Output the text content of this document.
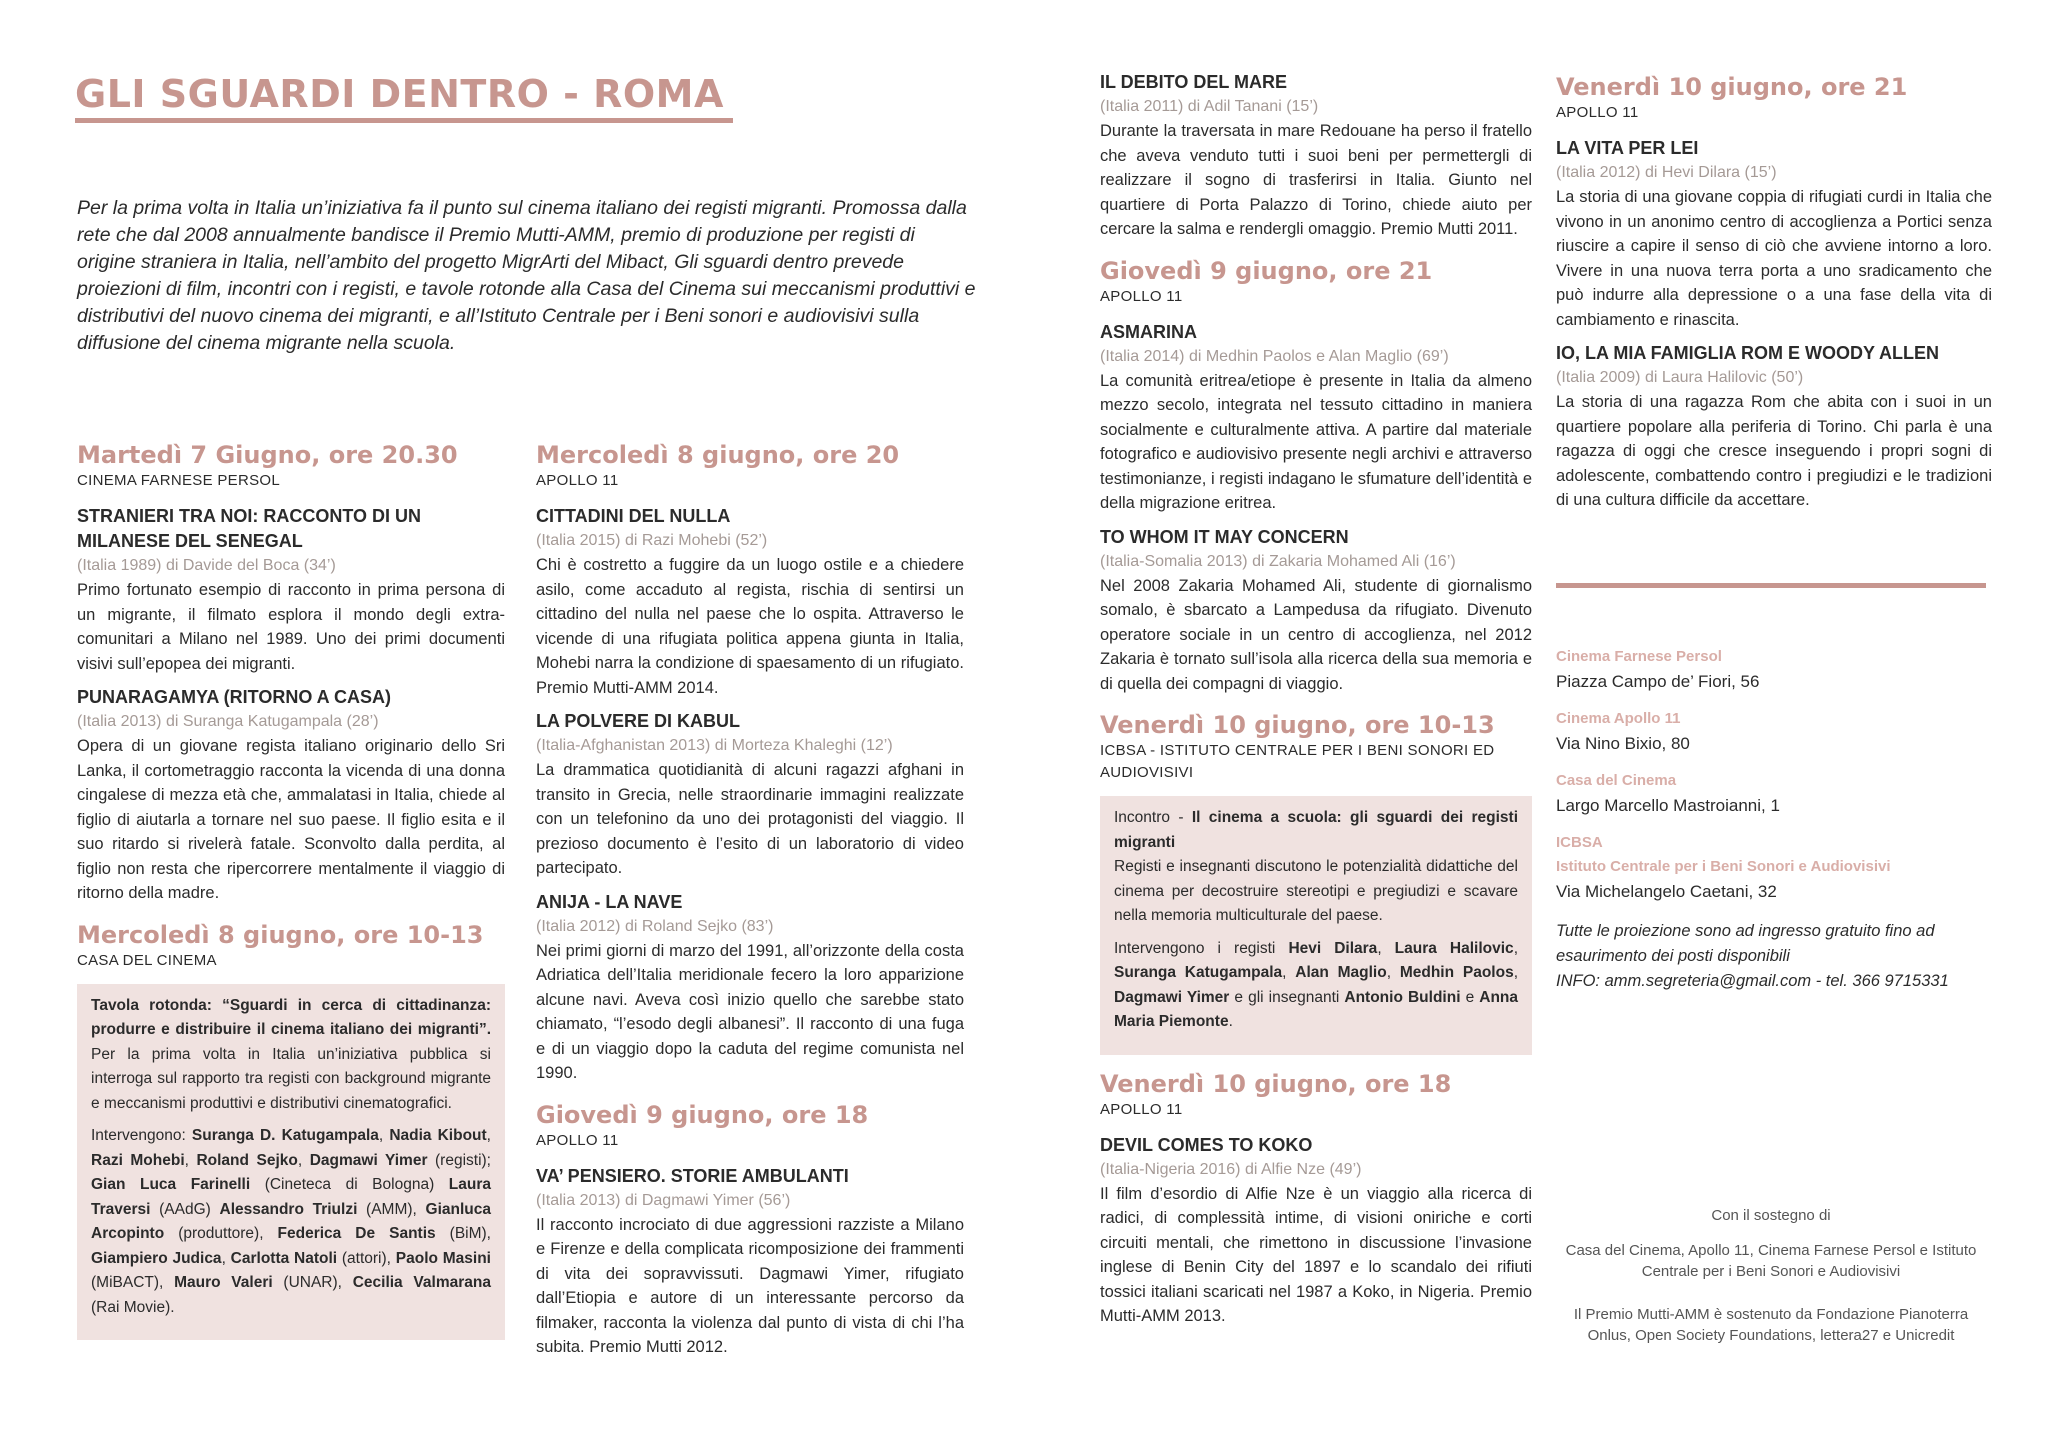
GLI SGUARDI DENTRO - ROMA
Per la prima volta in Italia un’iniziativa fa il punto sul cinema italiano dei registi migranti. Promossa dalla rete che dal 2008 annualmente bandisce il Premio Mutti-AMM, premio di produzione per registi di origine straniera in Italia, nell’ambito del progetto MigrArti del Mibact, Gli sguardi dentro prevede proiezioni di film, incontri con i registi, e tavole rotonde alla Casa del Cinema sui meccanismi produttivi e distributivi del nuovo cinema dei migranti, e all’Istituto Centrale per i Beni sonori e audiovisivi sulla diffusione del cinema migrante nella scuola.
Martedì 7 Giugno, ore 20.30
CINEMA FARNESE PERSOL
STRANIERI TRA NOI: RACCONTO DI UN MILANESE DEL SENEGAL
(Italia 1989) di Davide del Boca (34’)
Primo fortunato esempio di racconto in prima persona di un migrante, il filmato esplora il mondo degli extra-comunitari a Milano nel 1989. Uno dei primi documenti visivi sull’epopea dei migranti.
PUNARAGAMYA (RITORNO A CASA)
(Italia 2013) di Suranga Katugampala (28’)
Opera di un giovane regista italiano originario dello Sri Lanka, il cortometraggio racconta la vicenda di una donna cingalese di mezza età che, ammalatasi in Italia, chiede al figlio di aiutarla a tornare nel suo paese. Il figlio esita e il suo ritardo si rivelerà fatale. Sconvolto dalla perdita, al figlio non resta che ripercorrere mentalmente il viaggio di ritorno della madre.
Mercoledì 8 giugno, ore 10-13
CASA DEL CINEMA

Tavola rotonda: “Sguardi in cerca di cittadinanza: produrre e distribuire il cinema italiano dei migranti”. Per la prima volta in Italia un’iniziativa pubblica si interroga sul rapporto tra registi con background migrante e meccanismi produttivi e distributivi cinematografici.

Intervengono: Suranga D. Katugampala, Nadia Kibout, Razi Mohebi, Roland Sejko, Dagmawi Yimer (registi); Gian Luca Farinelli (Cineteca di Bologna) Laura Traversi (AAdG) Alessandro Triulzi (AMM), Gianluca Arcopinto (produttore), Federica De Santis (BiM), Giampiero Judica, Carlotta Natoli (attori), Paolo Masini (MiBACT), Mauro Valeri (UNAR), Cecilia Valmarana (Rai Movie).

Mercoledì 8 giugno, ore 20
APOLLO 11
CITTADINI DEL NULLA
(Italia 2015) di Razi Mohebi (52’)
Chi è costretto a fuggire da un luogo ostile e a chiedere asilo, come accaduto al regista, rischia di sentirsi un cittadino del nulla nel paese che lo ospita. Attraverso le vicende di una rifugiata politica appena giunta in Italia, Mohebi narra la condizione di spaesamento di un rifugiato. Premio Mutti-AMM 2014.
LA POLVERE DI KABUL
(Italia-Afghanistan 2013) di Morteza Khaleghi (12’)
La drammatica quotidianità di alcuni ragazzi afghani in transito in Grecia, nelle straordinarie immagini realizzate con un telefonino da uno dei protagonisti del viaggio. Il prezioso documento è l’esito di un laboratorio di video partecipato.
ANIJA - LA NAVE
(Italia 2012) di Roland Sejko (83’)
Nei primi giorni di marzo del 1991, all’orizzonte della costa Adriatica dell’Italia meridionale fecero la loro apparizione alcune navi. Aveva così inizio quello che sarebbe stato chiamato, “l’esodo degli albanesi”. Il racconto di una fuga e di un viaggio dopo la caduta del regime comunista nel 1990.
Giovedì 9 giugno, ore 18
APOLLO 11
VA’ PENSIERO. STORIE AMBULANTI
(Italia 2013) di Dagmawi Yimer (56’)
Il racconto incrociato di due aggressioni razziste a Milano e Firenze e della complicata ricomposizione dei frammenti di vita dei sopravvissuti. Dagmawi Yimer, rifugiato dall’Etiopia e autore di un interessante percorso da filmaker, racconta la violenza dal punto di vista di chi l’ha subita. Premio Mutti 2012.
IL DEBITO DEL MARE
(Italia 2011) di Adil Tanani (15’)
Durante la traversata in mare Redouane ha perso il fratello che aveva venduto tutti i suoi beni per permettergli di realizzare il sogno di trasferirsi in Italia. Giunto nel quartiere di Porta Palazzo di Torino, chiede aiuto per cercare la salma e rendergli omaggio. Premio Mutti 2011.
Giovedì 9 giugno, ore 21
APOLLO 11
ASMARINA
(Italia 2014) di Medhin Paolos e Alan Maglio (69’)
La comunità eritrea/etiope è presente in Italia da almeno mezzo secolo, integrata nel tessuto cittadino in maniera socialmente e culturalmente attiva. A partire dal materiale fotografico e audiovisivo presente negli archivi e attraverso testimonianze, i registi indagano le sfumature dell’identità e della migrazione eritrea.
TO WHOM IT MAY CONCERN
(Italia-Somalia 2013) di Zakaria Mohamed Ali (16’)
Nel 2008 Zakaria Mohamed Ali, studente di giornalismo somalo, è sbarcato a Lampedusa da rifugiato. Divenuto operatore sociale in un centro di accoglienza, nel 2012 Zakaria è tornato sull’isola alla ricerca della sua memoria e di quella dei compagni di viaggio.
Venerdì 10 giugno, ore 10-13
ICBSA - ISTITUTO CENTRALE PER I BENI SONORI ED AUDIOVISIVI

Incontro - Il cinema a scuola: gli sguardi dei registi migranti
Registi e insegnanti discutono le potenzialità didattiche del cinema per decostruire stereotipi e pregiudizi e scavare nella memoria multiculturale del paese.

Intervengono i registi Hevi Dilara, Laura Halilovic, Suranga Katugampala, Alan Maglio, Medhin Paolos, Dagmawi Yimer e gli insegnanti Antonio Buldini e Anna Maria Piemonte.

Venerdì 10 giugno, ore 18
APOLLO 11
DEVIL COMES TO KOKO
(Italia-Nigeria 2016) di Alfie Nze (49’)
Il film d’esordio di Alfie Nze è un viaggio alla ricerca di radici, di complessità intime, di visioni oniriche e corti circuiti mentali, che rimettono in discussione l’invasione inglese di Benin City del 1897 e lo scandalo dei rifiuti tossici italiani scaricati nel 1987 a Koko, in Nigeria. Premio Mutti-AMM 2013.
Venerdì 10 giugno, ore 21
APOLLO 11
LA VITA PER LEI
(Italia 2012) di Hevi Dilara (15’)
La storia di una giovane coppia di rifugiati curdi in Italia che vivono in un anonimo centro di accoglienza a Portici senza riuscire a capire il senso di ciò che avviene intorno a loro. Vivere in una nuova terra porta a uno sradicamento che può indurre alla depressione o a una fase della vita di cambiamento e rinascita.
IO, LA MIA FAMIGLIA ROM E WOODY ALLEN
(Italia 2009) di Laura Halilovic (50’)
La storia di una ragazza Rom che abita con i suoi in un quartiere popolare alla periferia di Torino. Chi parla è una ragazza di oggi che cresce inseguendo i propri sogni di adolescente, combattendo contro i pregiudizi e le tradizioni di una cultura difficile da accettare.
Cinema Farnese Persol
Piazza Campo de’ Fiori, 56
Cinema Apollo 11
Via Nino Bixio, 80
Casa del Cinema
Largo Marcello Mastroianni, 1
ICBSA
Istituto Centrale per i Beni Sonori e Audiovisivi
Via Michelangelo Caetani, 32
Tutte le proiezione sono ad ingresso gratuito fino ad esaurimento dei posti disponibili
INFO: amm.segreteria@gmail.com - tel. 366 9715331
Con il sostegno di
Casa del Cinema, Apollo 11, Cinema Farnese Persol e Istituto Centrale per i Beni Sonori e Audiovisivi
Il Premio Mutti-AMM è sostenuto da Fondazione Pianoterra Onlus, Open Society Foundations, lettera27 e Unicredit
